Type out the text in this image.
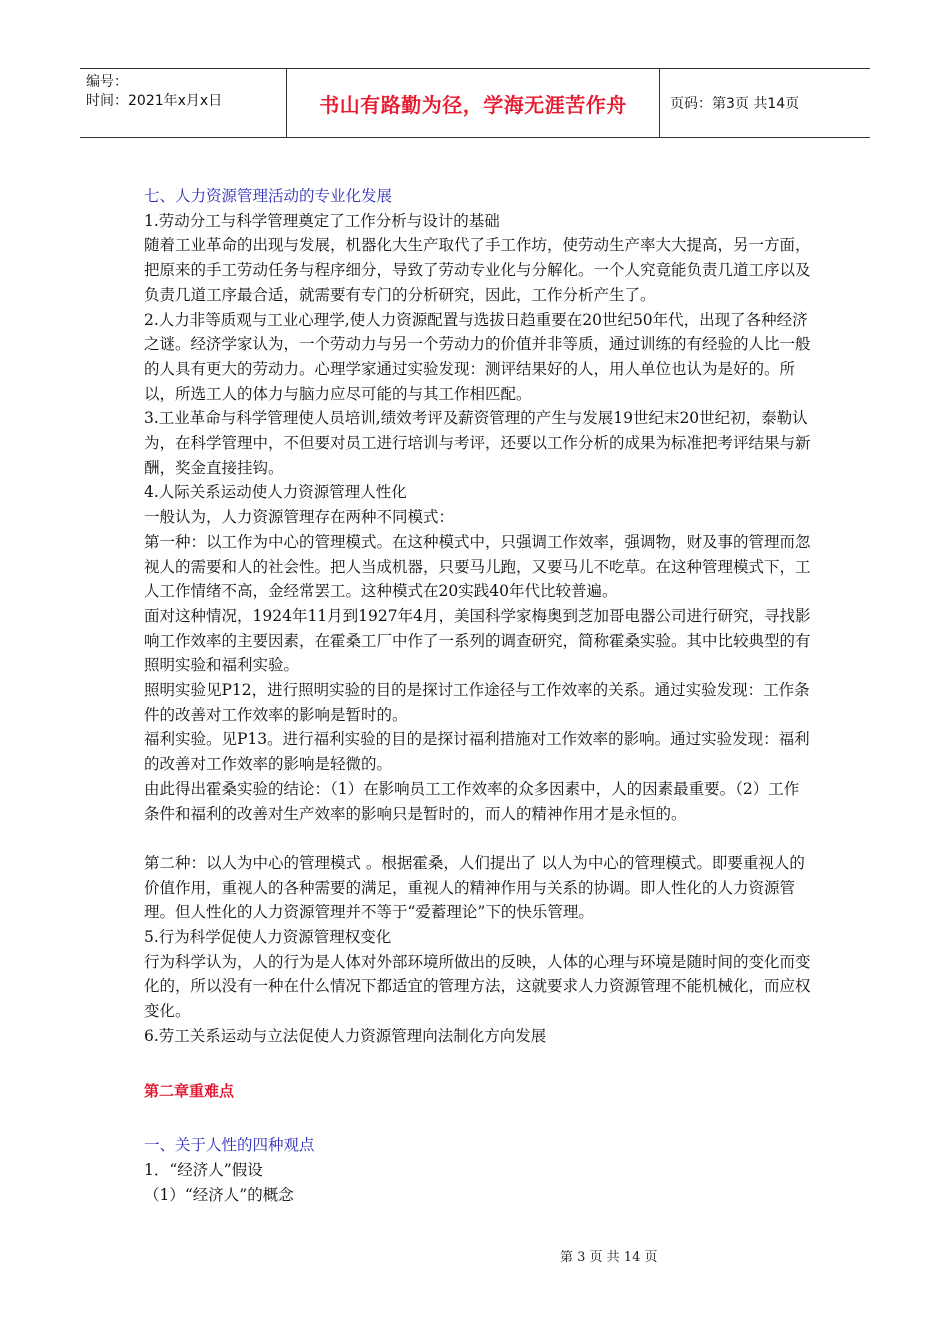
编号：
时间：2021年x月x日	书山有路勤为径，学海无涯苦作舟	页码：第3页 共14页

七、人力资源管理活动的专业化发展

1.劳动分工与科学管理奠定了工作分析与设计的基础

随着工业革命的出现与发展，机器化大生产取代了手工作坊，使劳动生产率大大提高，另一方面，把原来的手工劳动任务与程序细分，导致了劳动专业化与分解化。一个人究竟能负责几道工序以及负责几道工序最合适，就需要有专门的分析研究，因此，工作分析产生了。

2.人力非等质观与工业心理学,使人力资源配置与选拔日趋重要在20世纪50年代，出现了各种经济之谜。经济学家认为，一个劳动力与另一个劳动力的价值并非等质，通过训练的有经验的人比一般的人具有更大的劳动力。心理学家通过实验发现：测评结果好的人，用人单位也认为是好的。所以，所选工人的体力与脑力应尽可能的与其工作相匹配。

3.工业革命与科学管理使人员培训,绩效考评及薪资管理的产生与发展19世纪末20世纪初，泰勒认为，在科学管理中，不但要对员工进行培训与考评，还要以工作分析的成果为标准把考评结果与新酬，奖金直接挂钩。

4.人际关系运动使人力资源管理人性化

一般认为，人力资源管理存在两种不同模式：

第一种：以工作为中心的管理模式。在这种模式中，只强调工作效率，强调物，财及事的管理而忽视人的需要和人的社会性。把人当成机器，只要马儿跑，又要马儿不吃草。在这种管理模式下，工人工作情绪不高，金经常罢工。这种模式在20实践40年代比较普遍。

面对这种情况，1924年11月到1927年4月，美国科学家梅奥到芝加哥电器公司进行研究，寻找影响工作效率的主要因素，在霍桑工厂中作了一系列的调查研究，简称霍桑实验。其中比较典型的有照明实验和福利实验。

照明实验见P12，进行照明实验的目的是探讨工作途径与工作效率的关系。通过实验发现：工作条件的改善对工作效率的影响是暂时的。

福利实验。见P13。进行福利实验的目的是探讨福利措施对工作效率的影响。通过实验发现：福利的改善对工作效率的影响是轻微的。

由此得出霍桑实验的结论：（1）在影响员工工作效率的众多因素中，人的因素最重要。（2）工作条件和福利的改善对生产效率的影响只是暂时的，而人的精神作用才是永恒的。

第二种：以人为中心的管理模式 。根据霍桑，人们提出了 以人为中心的管理模式。即要重视人的价值作用，重视人的各种需要的满足，重视人的精神作用与关系的协调。即人性化的人力资源管理。但人性化的人力资源管理并不等于“爱蓄理论”下的快乐管理。

5.行为科学促使人力资源管理权变化

行为科学认为，人的行为是人体对外部环境所做出的反映，人体的心理与环境是随时间的变化而变化的，所以没有一种在什么情况下都适宜的管理方法，这就要求人力资源管理不能机械化，而应权变化。

6.劳工关系运动与立法促使人力资源管理向法制化方向发展

第二章重难点

一、关于人性的四种观点

1．“经济人”假设

（1）“经济人”的概念

第 3 页 共 14 页
